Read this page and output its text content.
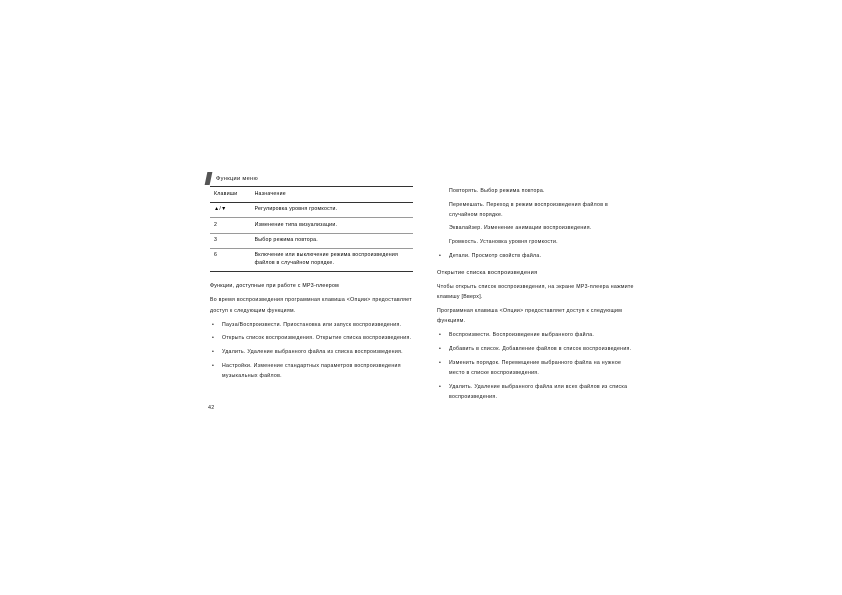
Функции меню
Клавиши	Назначение
▲/▼	Регулировка уровня громкости.
2	Изменение типа визуализации.
3	Выбор режима повтора.
6	Включение или выключение режима воспроизведения файлов в случайном порядке.
Функции, доступные при работе с МР3-плеером
Во время воспроизведения программная клавиша <Опции> предоставляет доступ к следующим функциям.
• Пауза/Воспроизвести. Приостановка или запуск воспроизведения.
• Открыть список воспроизведения. Открытие списка воспроизведения.
• Удалить. Удаление выбранного файла из списка воспроизведения.
• Настройки. Изменение стандартных параметров воспроизведения музыкальных файлов.
Повторять. Выбор режима повтора.
Перемешать. Переход в режим воспроизведения файлов в случайном порядке.
Эквалайзер. Изменение анимации воспроизведения.
Громкость. Установка уровня громкости.
• Детали. Просмотр свойств файла.
Открытие списка воспроизведения
Чтобы открыть список воспроизведения, на экране МР3-плеера нажмите клавишу [Вверх].
Программная клавиша <Опции> предоставляет доступ к следующим функциям.
• Воспроизвести. Воспроизведение выбранного файла.
• Добавить в список. Добавление файлов в список воспроизведения.
• Изменить порядок. Перемещение выбранного файла на нужное место в списке воспроизведения.
• Удалить. Удаление выбранного файла или всех файлов из списка воспроизведения.
42
